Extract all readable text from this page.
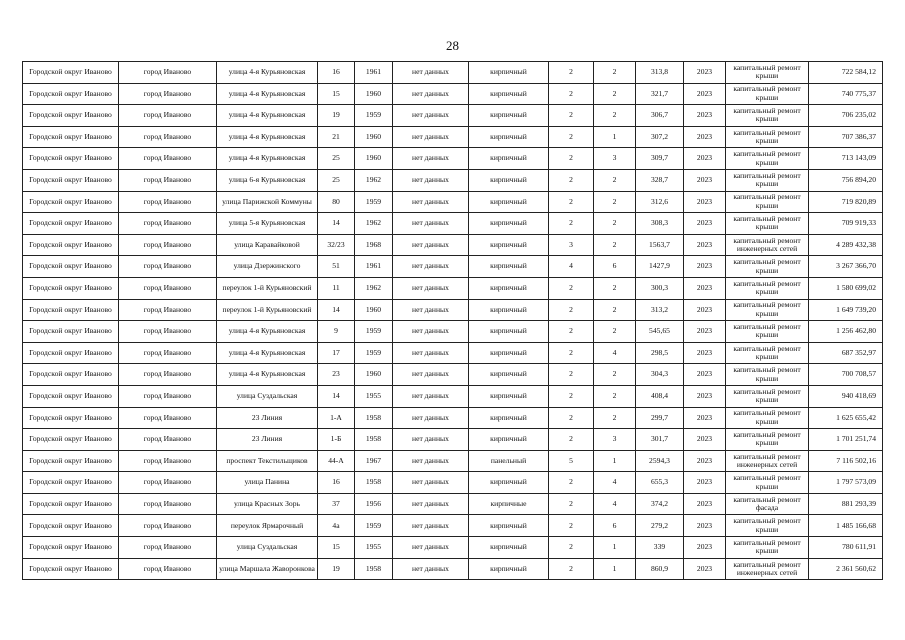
28
Городской округ Иваново	город Иваново	улица 4-я Курьяновская	16	1961	нет данных	кирпичный	2	2	313,8	2023	капитальный ремонт крыши	722 584,12
Городской округ Иваново	город Иваново	улица 4-я Курьяновская	15	1960	нет данных	кирпичный	2	2	321,7	2023	капитальный ремонт крыши	740 775,37
Городской округ Иваново	город Иваново	улица 4-я Курьяновская	19	1959	нет данных	кирпичный	2	2	306,7	2023	капитальный ремонт крыши	706 235,02
Городской округ Иваново	город Иваново	улица 4-я Курьяновская	21	1960	нет данных	кирпичный	2	1	307,2	2023	капитальный ремонт крыши	707 386,37
Городской округ Иваново	город Иваново	улица 4-я Курьяновская	25	1960	нет данных	кирпичный	2	3	309,7	2023	капитальный ремонт крыши	713 143,09
Городской округ Иваново	город Иваново	улица 6-я Курьяновская	25	1962	нет данных	кирпичный	2	2	328,7	2023	капитальный ремонт крыши	756 894,20
Городской округ Иваново	город Иваново	улица Парижской Коммуны	80	1959	нет данных	кирпичный	2	2	312,6	2023	капитальный ремонт крыши	719 820,89
Городской округ Иваново	город Иваново	улица 5-я Курьяновская	14	1962	нет данных	кирпичный	2	2	308,3	2023	капитальный ремонт крыши	709 919,33
Городской округ Иваново	город Иваново	улица Каравайковой	32/23	1968	нет данных	кирпичный	3	2	1563,7	2023	капитальный ремонт инженерных сетей	4 289 432,38
Городской округ Иваново	город Иваново	улица Дзержинского	51	1961	нет данных	кирпичный	4	6	1427,9	2023	капитальный ремонт крыши	3 267 366,70
Городской округ Иваново	город Иваново	переулок 1-й Курьяновский	11	1962	нет данных	кирпичный	2	2	300,3	2023	капитальный ремонт крыши	1 580 699,02
Городской округ Иваново	город Иваново	переулок 1-й Курьяновский	14	1960	нет данных	кирпичный	2	2	313,2	2023	капитальный ремонт крыши	1 649 739,20
Городской округ Иваново	город Иваново	улица 4-я Курьяновская	9	1959	нет данных	кирпичный	2	2	545,65	2023	капитальный ремонт крыши	1 256 462,80
Городской округ Иваново	город Иваново	улица 4-я Курьяновская	17	1959	нет данных	кирпичный	2	4	298,5	2023	капитальный ремонт крыши	687 352,97
Городской округ Иваново	город Иваново	улица 4-я Курьяновская	23	1960	нет данных	кирпичный	2	2	304,3	2023	капитальный ремонт крыши	700 708,57
Городской округ Иваново	город Иваново	улица Суздальская	14	1955	нет данных	кирпичный	2	2	408,4	2023	капитальный ремонт крыши	940 418,69
Городской округ Иваново	город Иваново	23 Линия	1-А	1958	нет данных	кирпичный	2	2	299,7	2023	капитальный ремонт крыши	1 625 655,42
Городской округ Иваново	город Иваново	23 Линия	1-Б	1958	нет данных	кирпичный	2	3	301,7	2023	капитальный ремонт крыши	1 701 251,74
Городской округ Иваново	город Иваново	проспект Текстильщиков	44-А	1967	нет данных	панельный	5	1	2594,3	2023	капитальный ремонт инженерных сетей	7 116 502,16
Городской округ Иваново	город Иваново	улица Панина	16	1958	нет данных	кирпичный	2	4	655,3	2023	капитальный ремонт крыши	1 797 573,09
Городской округ Иваново	город Иваново	улица Красных Зорь	37	1956	нет данных	кирпичные	2	4	374,2	2023	капитальный ремонт фасада	881 293,39
Городской округ Иваново	город Иваново	переулок Ярмарочный	4а	1959	нет данных	кирпичный	2	6	279,2	2023	капитальный ремонт крыши	1 485 166,68
Городской округ Иваново	город Иваново	улица Суздальская	15	1955	нет данных	кирпичный	2	1	339	2023	капитальный ремонт крыши	780 611,91
Городской округ Иваново	город Иваново	улица Маршала Жаворонкова	19	1958	нет данных	кирпичный	2	1	860,9	2023	капитальный ремонт инженерных сетей	2 361 560,62
